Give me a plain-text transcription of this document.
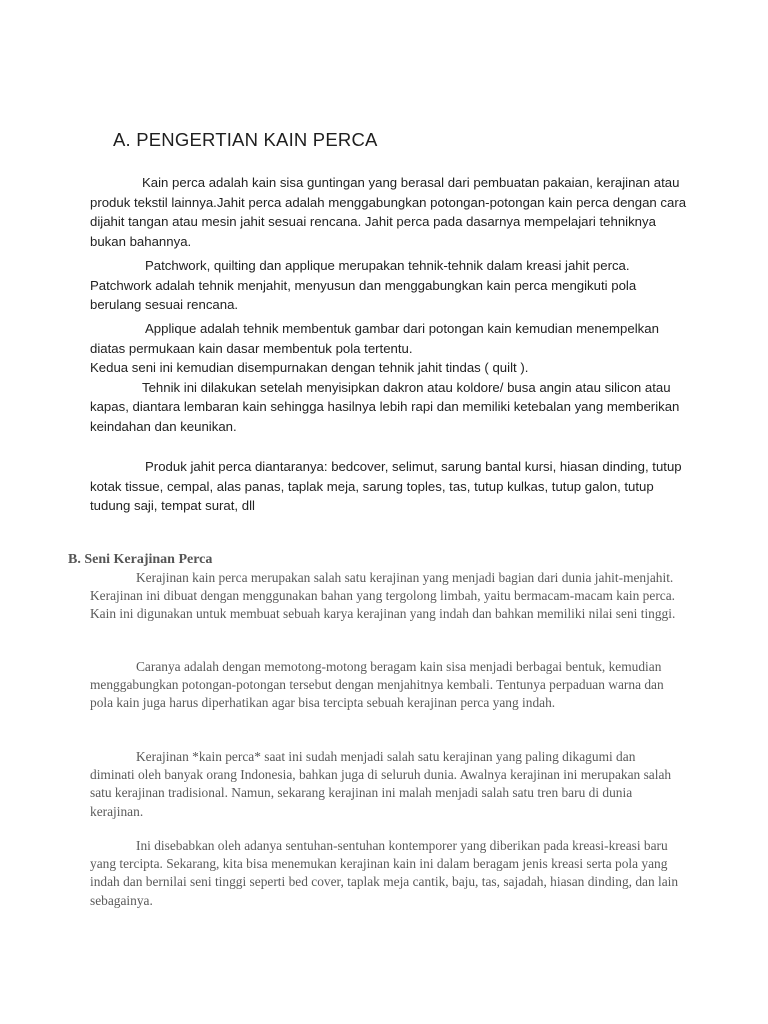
A. PENGERTIAN KAIN PERCA

Kain perca adalah kain sisa guntingan yang berasal dari pembuatan pakaian, kerajinan atau produk tekstil lainnya.Jahit perca adalah menggabungkan potongan-potongan kain perca dengan cara dijahit tangan atau mesin jahit sesuai rencana. Jahit perca pada dasarnya mempelajari tehniknya bukan bahannya.

Patchwork, quilting dan applique merupakan tehnik-tehnik dalam kreasi jahit perca. Patchwork adalah tehnik menjahit, menyusun dan menggabungkan kain perca mengikuti pola berulang sesuai rencana.

Applique adalah tehnik membentuk gambar dari potongan kain kemudian menempelkan diatas permukaan kain dasar membentuk pola tertentu.

Kedua seni ini kemudian disempurnakan dengan tehnik jahit tindas ( quilt ).

Tehnik ini dilakukan setelah menyisipkan dakron atau koldore/ busa angin atau silicon atau kapas, diantara lembaran kain sehingga hasilnya lebih rapi dan memiliki ketebalan yang memberikan keindahan dan keunikan.

Produk jahit perca diantaranya: bedcover, selimut, sarung bantal kursi, hiasan dinding, tutup kotak tissue, cempal, alas panas, taplak meja, sarung toples, tas, tutup kulkas, tutup galon, tutup tudung saji, tempat surat, dll

B. Seni Kerajinan Perca

Kerajinan kain perca merupakan salah satu kerajinan yang menjadi bagian dari dunia jahit-menjahit. Kerajinan ini dibuat dengan menggunakan bahan yang tergolong limbah, yaitu bermacam-macam kain perca. Kain ini digunakan untuk membuat sebuah karya kerajinan yang indah dan bahkan memiliki nilai seni tinggi.

Caranya adalah dengan memotong-motong beragam kain sisa menjadi berbagai bentuk, kemudian menggabungkan potongan-potongan tersebut dengan menjahitnya kembali. Tentunya perpaduan warna dan pola kain juga harus diperhatikan agar bisa tercipta sebuah kerajinan perca yang indah.

Kerajinan *kain perca* saat ini sudah menjadi salah satu kerajinan yang paling dikagumi dan diminati oleh banyak orang Indonesia, bahkan juga di seluruh dunia. Awalnya kerajinan ini merupakan salah satu kerajinan tradisional. Namun, sekarang kerajinan ini malah menjadi salah satu tren baru di dunia kerajinan.

Ini disebabkan oleh adanya sentuhan-sentuhan kontemporer yang diberikan pada kreasi-kreasi baru yang tercipta. Sekarang, kita bisa menemukan kerajinan kain ini dalam beragam jenis kreasi serta pola yang indah dan bernilai seni tinggi seperti bed cover, taplak meja cantik, baju, tas, sajadah, hiasan dinding, dan lain sebagainya.
